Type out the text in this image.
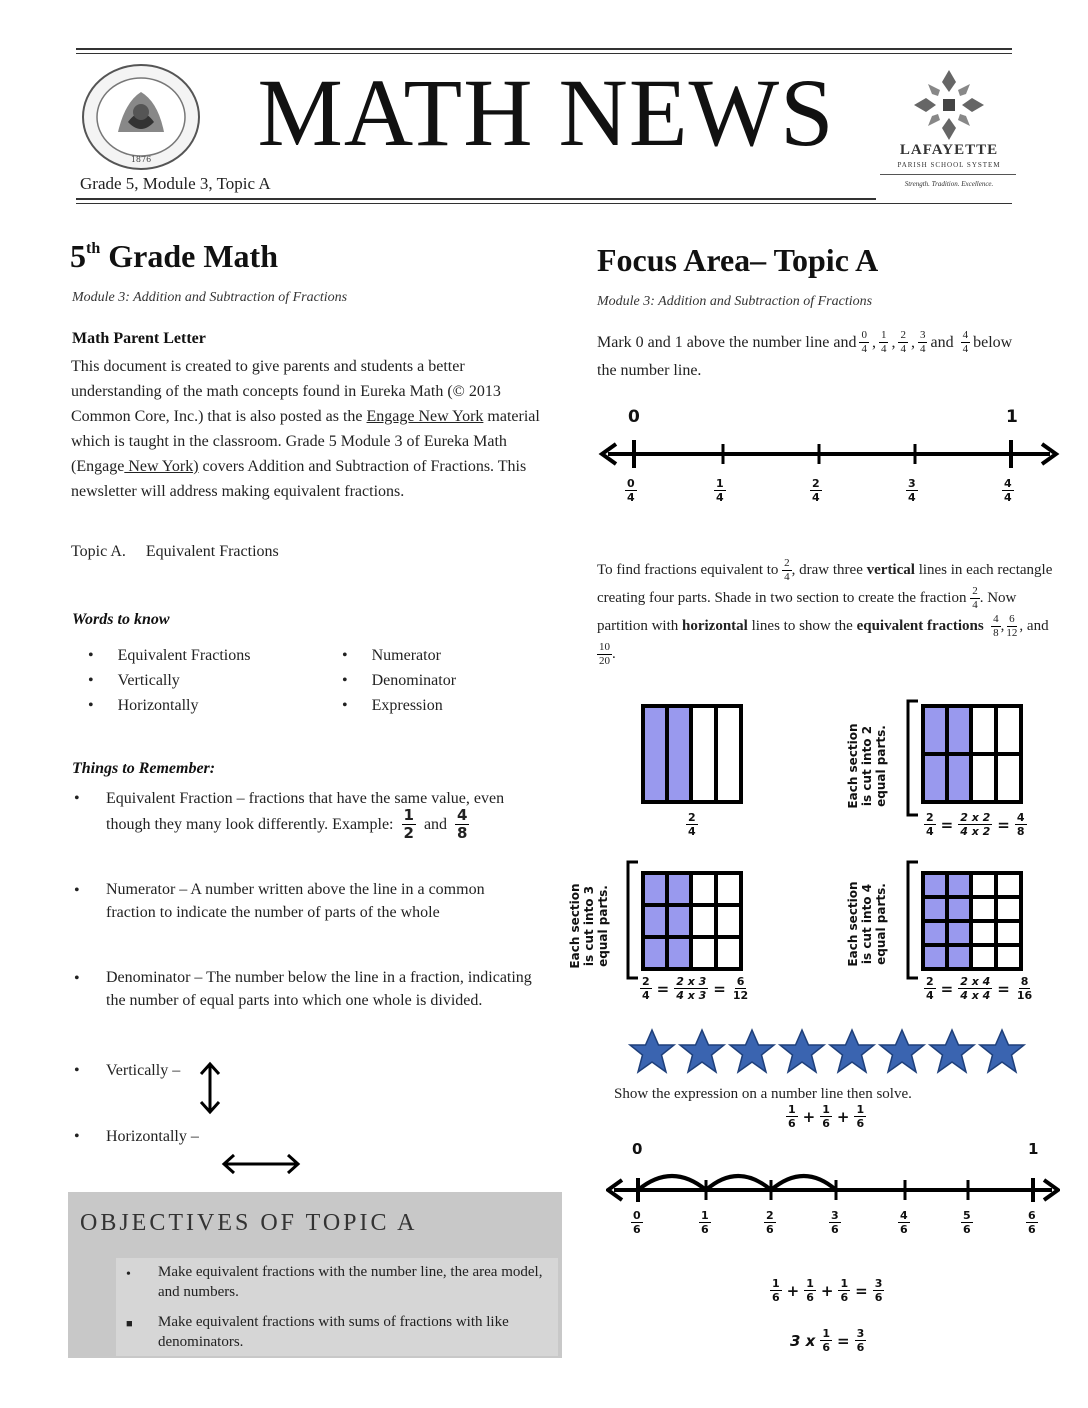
1876	MATH NEWS	LAFAYETTE
PARISH SCHOOL SYSTEM
Strength. Tradition. Excellence.
Grade 5, Module 3, Topic A
5th Grade Math
Module 3: Addition and Subtraction of Fractions
Math Parent Letter
This document is created to give parents and students a better understanding of the math concepts found in Eureka Math (© 2013 Common Core, Inc.) that is also posted as the Engage New York material which is taught in the classroom. Grade 5 Module 3 of Eureka Math (Engage New York) covers Addition and Subtraction of Fractions. This newsletter will address making equivalent fractions.
Topic A.     Equivalent Fractions
Words to know
•      Equivalent Fractions
•      Vertically
•      Horizontally
•      Numerator
•      Denominator
•      Expression
Things to Remember:
• Equivalent Fraction – fractions that have the same value, even
though they many look differently. Example: $\frac{1}{2}$ and $\frac{4}{8}$
• Numerator – A number written above the line in a common fraction to indicate the number of parts of the whole
• Denominator – The number below the line in a fraction, indicating the number of equal parts into which one whole is divided.
• Vertically –
• Horizontally –
OBJECTIVES OF TOPIC A
• Make equivalent fractions with the number line, the area model, and numbers.
■ Make equivalent fractions with sums of fractions with like denominators.
Focus Area– Topic A
Module 3: Addition and Subtraction of Fractions
Mark 0 and 1 above the number line and $\frac{0}{4}$ , $\frac{1}{4}$ , $\frac{2}{4}$ , $\frac{3}{4}$ and $\frac{4}{4}$ below
the number line.
0	1
$\frac{0}{4}$	$\frac{1}{4}$	$\frac{2}{4}$	$\frac{3}{4}$	$\frac{4}{4}$
To find fractions equivalent to $\frac{2}{4}$ , draw three vertical lines in each rectangle creating four parts. Shade in two section to create the fraction $\frac{2}{4}$ . Now partition with horizontal lines to show the equivalent fractions $\frac{4}{8}$ , $\frac{6}{12}$ , and
$\frac{10}{20}$ .
$\frac{2}{4}$
Each section is cut into 2 equal parts.
$\frac{2}{4} = \frac{2 x 2}{4 x 2} = \frac{4}{8}$
Each section is cut into 3 equal parts.
$\frac{2}{4} = \frac{2 x 3}{4 x 3} = \frac{6}{12}$
Each section is cut into 4 equal parts.
$\frac{2}{4} = \frac{2 x 4}{4 x 4} = \frac{8}{16}$
Show the expression on a number line then solve.
$\frac{1}{6} + \frac{1}{6} + \frac{1}{6}$
0	1
$\frac{0}{6}$	$\frac{1}{6}$	$\frac{2}{6}$	$\frac{3}{6}$	$\frac{4}{6}$	$\frac{5}{6}$	$\frac{6}{6}$
$\frac{1}{6} + \frac{1}{6} + \frac{1}{6} = \frac{3}{6}$
3 x $\frac{1}{6} = \frac{3}{6}$
